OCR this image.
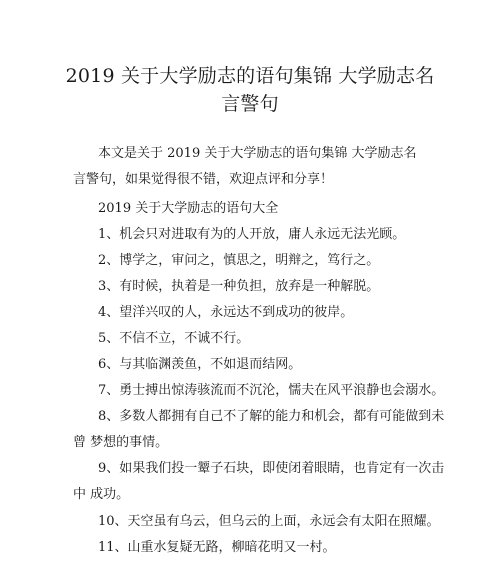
2019 关于大学励志的语句集锦 大学励志名
言警句
本文是关于 2019 关于大学励志的语句集锦 大学励志名
言警句，如果觉得很不错，欢迎点评和分享！
2019 关于大学励志的语句大全
1、机会只对进取有为的人开放，庸人永远无法光顾。
2、博学之，审问之，慎思之，明辩之，笃行之。
3、有时候，执着是一种负担，放弃是一种解脱。
4、望洋兴叹的人，永远达不到成功的彼岸。
5、不信不立，不诚不行。
6、与其临渊羡鱼，不如退而结网。
7、勇士搏出惊涛骇流而不沉沦，懦夫在风平浪静也会溺水。
8、多数人都拥有自己不了解的能力和机会，都有可能做到未
曾 梦想的事情。
9、如果我们投一颦子石块，即使闭着眼睛，也肯定有一次击
中 成功。
10、天空虽有乌云，但乌云的上面，永远会有太阳在照耀。
11、山重水复疑无路，柳暗花明又一村。
